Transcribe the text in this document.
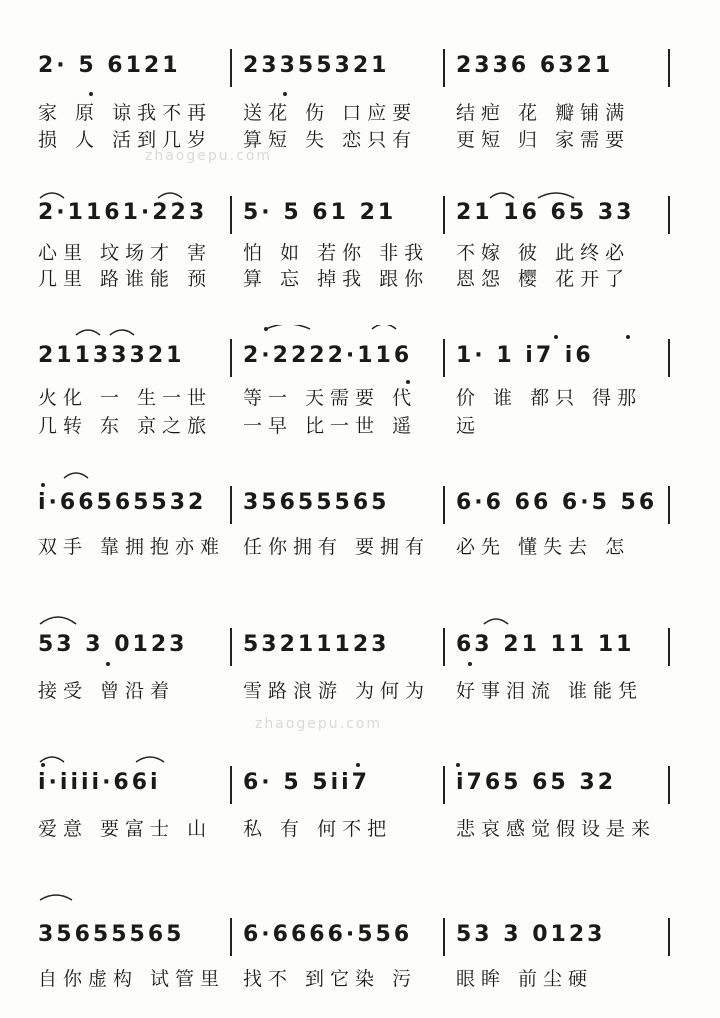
zhaogepu.com
zhaogepu.com
2· 5 6121	23355321	2336 6321
家 原 谅我不再 送花 伤 口应要 结疤 花 瓣铺满
损 人 活到几岁 算短 失 恋只有 更短 归 家需要
2·1161·223 5· 5 61 21	21 16 65 33
心里 坟场才 害 怕 如 若你 非我 不嫁 彼 此终必
几里 路谁能 预 算 忘 掉我 跟你 恩怨 樱 花开了
21133321	2·2222·116 1· 1 i7 i6
火化 一 生一世 等一 天需要 代 价 谁 都只 得那
几转 东 京之旅 一早 比一世 遥 远
i·66565532 35655565	6·6 66 6·5 56
双手 靠拥抱亦难 任你拥有 要拥有 必先 懂失去 怎
53 3 0123	53211123	63 21 11 11
接受 曾沿着	雪路浪游 为何为 好事泪流 谁能凭
i·iiii·66i	6· 5 5ii7	i765 65 32
爱意 要富士 山 私 有 何不把	悲哀感觉假设是来
35655565	6·6666·556 53 3 0123
自你虚构 试管里 找不 到它染 污 眼眸 前尘硬
